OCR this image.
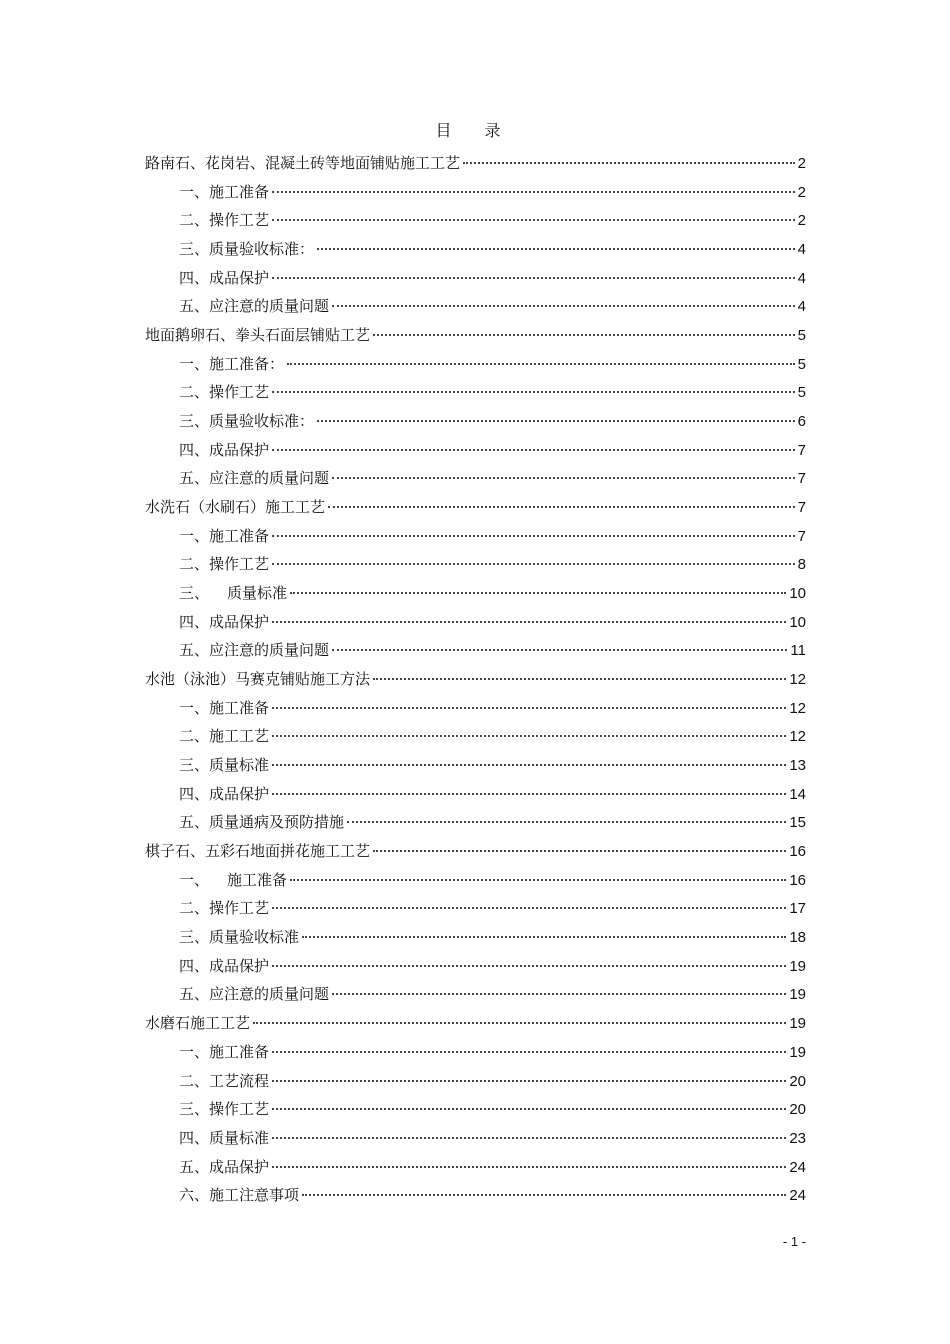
目 录
路南石、花岗岩、混凝土砖等地面铺贴施工工艺	2
一、施工准备	2
二、操作工艺	2
三、质量验收标准：	4
四、成品保护	4
五、应注意的质量问题	4
地面鹅卵石、拳头石面层铺贴工艺	5
一、施工准备：	5
二、操作工艺	5
三、质量验收标准：	6
四、成品保护	7
五、应注意的质量问题	7
水洗石（水刷石）施工工艺	7
一、施工准备	7
二、操作工艺	8
三、 质量标准	10
四、成品保护	10
五、应注意的质量问题	11
水池（泳池）马赛克铺贴施工方法	12
一、施工准备	12
二、施工工艺	12
三、质量标准	13
四、成品保护	14
五、质量通病及预防措施	15
棋子石、五彩石地面拼花施工工艺	16
一、 施工准备	16
二、操作工艺	17
三、质量验收标准	18
四、成品保护	19
五、应注意的质量问题	19
水磨石施工工艺	19
一、施工准备	19
二、工艺流程	20
三、操作工艺	20
四、质量标准	23
五、成品保护	24
六、施工注意事项	24
- 1 -
